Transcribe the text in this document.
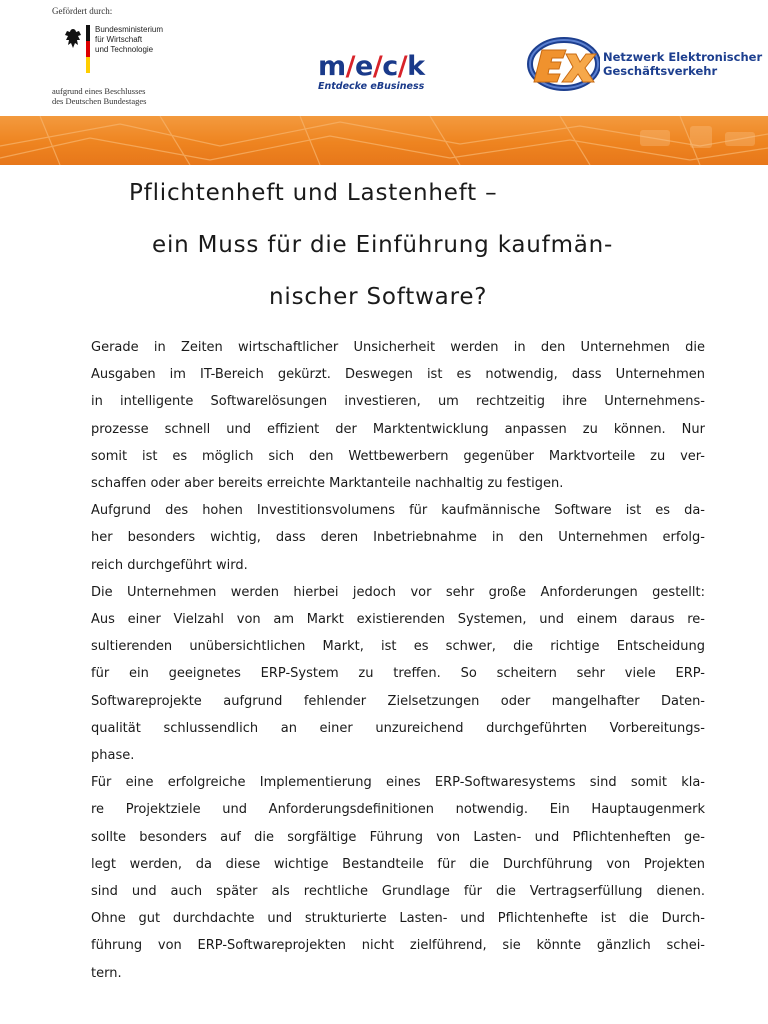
Gefördert durch:
Bundesministerium
für Wirtschaft
und Technologie
aufgrund eines Beschlusses
des Deutschen Bundestages
m/e/c/k
Entdecke eBusiness
Netzwerk Elektronischer
Geschäftsverkehr
Pflichtenheft und Lastenheft –
ein Muss für die Einführung kaufmän-
nischer Software?

Gerade in Zeiten wirtschaftlicher Unsicherheit werden in den Unternehmen die

Ausgaben im IT-Bereich gekürzt. Deswegen ist es notwendig, dass Unternehmen

in intelligente Softwarelösungen investieren, um rechtzeitig ihre Unternehmens-

prozesse schnell und effizient der Marktentwicklung anpassen zu können. Nur

somit ist es möglich sich den Wettbewerbern gegenüber Marktvorteile zu ver-

schaffen oder aber bereits erreichte Marktanteile nachhaltig zu festigen.

Aufgrund des hohen Investitionsvolumens für kaufmännische Software ist es da-

her besonders wichtig, dass deren Inbetriebnahme in den Unternehmen erfolg-

reich durchgeführt wird.

Die Unternehmen werden hierbei jedoch vor sehr große Anforderungen gestellt:

Aus einer Vielzahl von am Markt existierenden Systemen, und einem daraus re-

sultierenden unübersichtlichen Markt, ist es schwer, die richtige Entscheidung

für ein geeignetes ERP-System zu treffen. So scheitern sehr viele ERP-

Softwareprojekte aufgrund fehlender Zielsetzungen oder mangelhafter Daten-

qualität schlussendlich an einer unzureichend durchgeführten Vorbereitungs-

phase.

Für eine erfolgreiche Implementierung eines ERP-Softwaresystems sind somit kla-

re Projektziele und Anforderungsdefinitionen notwendig. Ein Hauptaugenmerk

sollte besonders auf die sorgfältige Führung von Lasten- und Pflichtenheften ge-

legt werden, da diese wichtige Bestandteile für die Durchführung von Projekten

sind und auch später als rechtliche Grundlage für die Vertragserfüllung dienen.

Ohne gut durchdachte und strukturierte Lasten- und Pflichtenhefte ist die Durch-

führung von ERP-Softwareprojekten nicht zielführend, sie könnte gänzlich schei-

tern.
